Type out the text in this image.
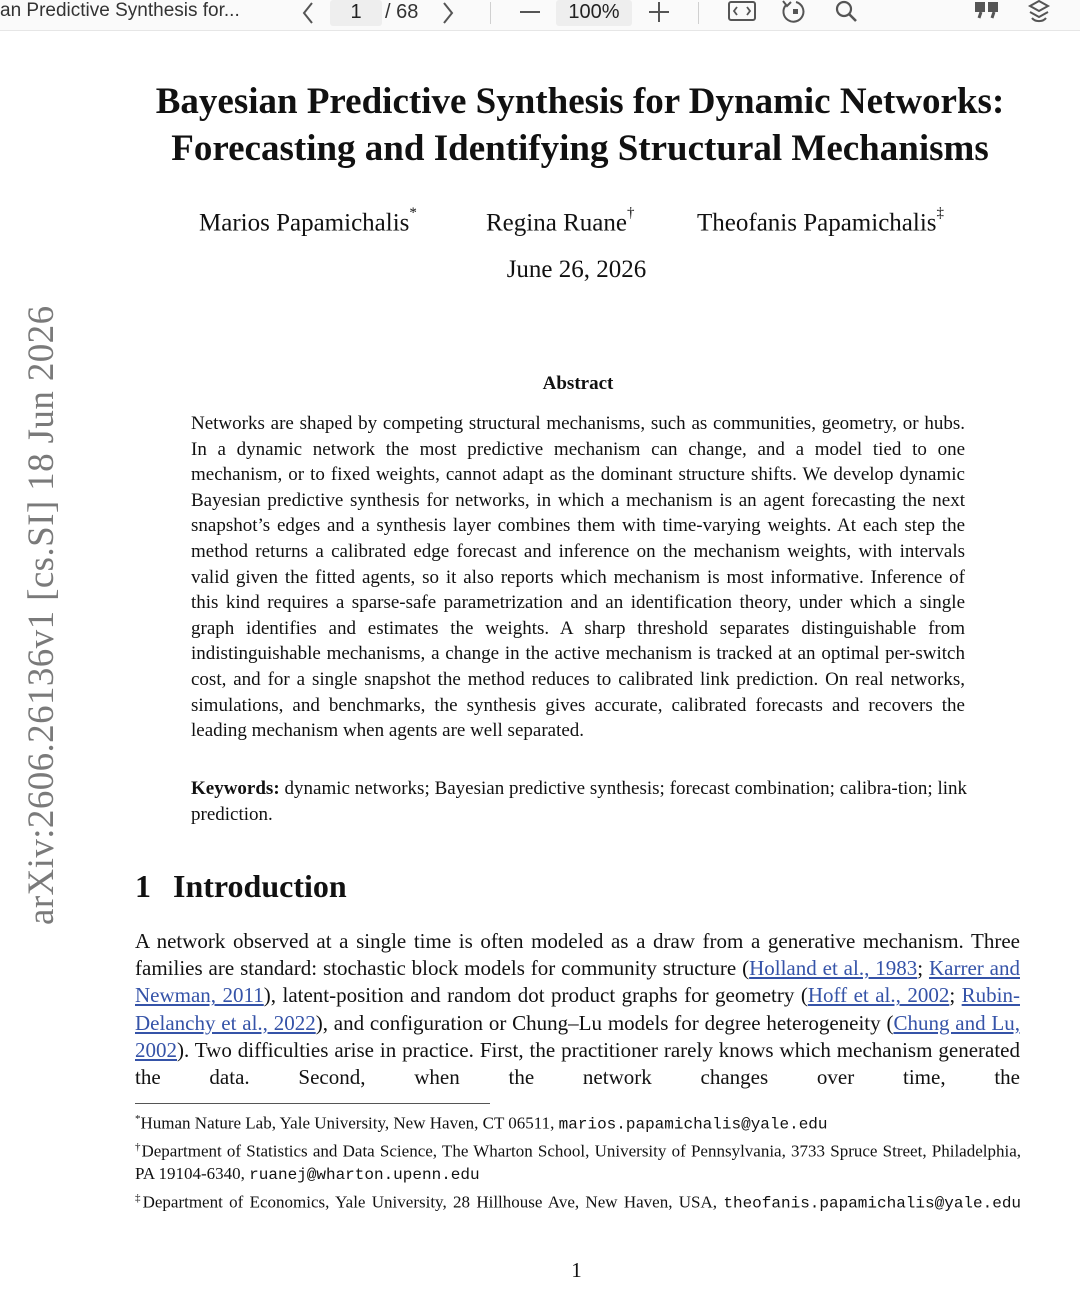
an Predictive Synthesis for...	1	/ 68	100%
arXiv:2606.26136v1 [cs.SI] 18 Jun 2026
Bayesian Predictive Synthesis for Dynamic Networks:
Forecasting and Identifying Structural Mechanisms
Marios Papamichalis*	Regina Ruane†	Theofanis Papamichalis‡
June 26, 2026
Abstract

Networks are shaped by competing structural mechanisms, such as communities, geometry, or hubs. In a dynamic network the most predictive mechanism can change, and a model tied to one mechanism, or to fixed weights, cannot adapt as the dominant structure shifts. We develop dynamic Bayesian predictive synthesis for networks, in which a mechanism is an agent forecasting the next snapshot’s edges and a synthesis layer combines them with time-varying weights. At each step the method returns a calibrated edge forecast and inference on the mechanism weights, with intervals valid given the fitted agents, so it also reports which mechanism is most informative. Inference of this kind requires a sparse-safe parametrization and an identification theory, under which a single graph identifies and estimates the weights. A sharp threshold separates distinguishable from indistinguishable mechanisms, a change in the active mechanism is tracked at an optimal per-switch cost, and for a single snapshot the method reduces to calibrated link prediction. On real networks, simulations, and benchmarks, the synthesis gives accurate, calibrated forecasts and recovers the leading mechanism when agents are well separated.

Keywords: dynamic networks; Bayesian predictive synthesis; forecast combination; calibra-tion; link prediction.

1 Introduction

A network observed at a single time is often modeled as a draw from a generative mechanism. Three families are standard: stochastic block models for community structure (Holland et al., 1983; Karrer and Newman, 2011), latent-position and random dot product graphs for geometry (Hoff et al., 2002; Rubin-Delanchy et al., 2022), and configuration or Chung–Lu models for degree heterogeneity (Chung and Lu, 2002). Two difficulties arise in practice. First, the practitioner rarely knows which mechanism generated the data. Second, when the network changes over time, the

*Human Nature Lab, Yale University, New Haven, CT 06511, marios.papamichalis@yale.edu

†Department of Statistics and Data Science, The Wharton School, University of Pennsylvania, 3733 Spruce Street, Philadelphia, PA 19104-6340, ruanej@wharton.upenn.edu

‡Department of Economics, Yale University, 28 Hillhouse Ave, New Haven, USA, theofanis.papamichalis@yale.edu

1
